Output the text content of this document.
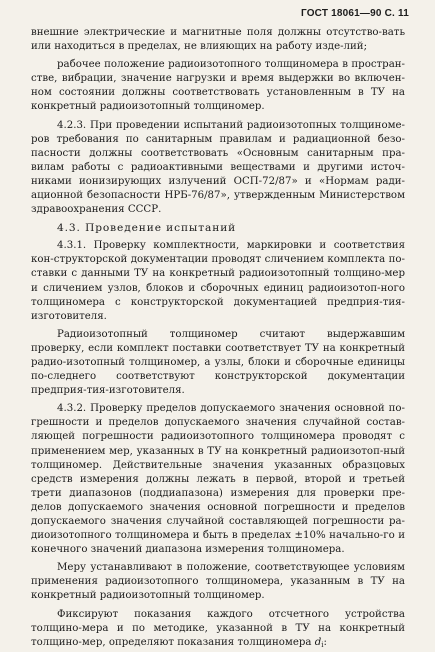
ГОСТ 18061—90 С. 11

внешние электрические и магнитные поля должны отсутство-вать или находиться в пределах, не влияющих на работу изде-лий;

рабочее положение радиоизотопного толщиномера в простран-стве, вибрации, значение нагрузки и время выдержки во включен-ном состоянии должны соответствовать установленным в ТУ на конкретный радиоизотопный толщиномер.

4.2.3. При проведении испытаний радиоизотопных толщиноме-ров требования по санитарным правилам и радиационной безо-пасности должны соответствовать «Основным санитарным пра-вилам работы с радиоактивными веществами и другими источ-никами ионизирующих излучений ОСП-72/87» и «Нормам ради-ационной безопасности НРБ-76/87», утвержденным Министерством здравоохранения СССР.

4.3. Проведение испытаний

4.3.1. Проверку комплектности, маркировки и соответствия кон-структорской документации проводят сличением комплекта по-ставки с данными ТУ на конкретный радиоизотопный толщино-мер и сличением узлов, блоков и сборочных единиц радиоизотоп-ного толщиномера с конструкторской документацией предприя-тия-изготовителя.

Радиоизотопный толщиномер считают выдержавшим проверку, если комплект поставки соответствует ТУ на конкретный радио-изотопный толщиномер, а узлы, блоки и сборочные единицы по-следнего соответствуют конструкторской документации предприя-тия-изготовителя.

4.3.2. Проверку пределов допускаемого значения основной по-грешности и пределов допускаемого значения случайной состав-ляющей погрешности радиоизотопного толщиномера проводят с применением мер, указанных в ТУ на конкретный радиоизотоп-ный толщиномер. Действительные значения указанных образцовых средств измерения должны лежать в первой, второй и третьей трети диапазонов (поддиапазона) измерения для проверки пре-делов допускаемого значения основной погрешности и пределов допускаемого значения случайной составляющей погрешности ра-диоизотопного толщиномера и быть в пределах ±10% начально-го и конечного значений диапазона измерения толщиномера.

Меру устанавливают в положение, соответствующее условиям применения радиоизотопного толщиномера, указанным в ТУ на конкретный радиоизотопный толщиномер.

Фиксируют показания каждого отсчетного устройства толщино-мера и по методике, указанной в ТУ на конкретный толщино-мер, определяют показания толщиномера $d_i$:
